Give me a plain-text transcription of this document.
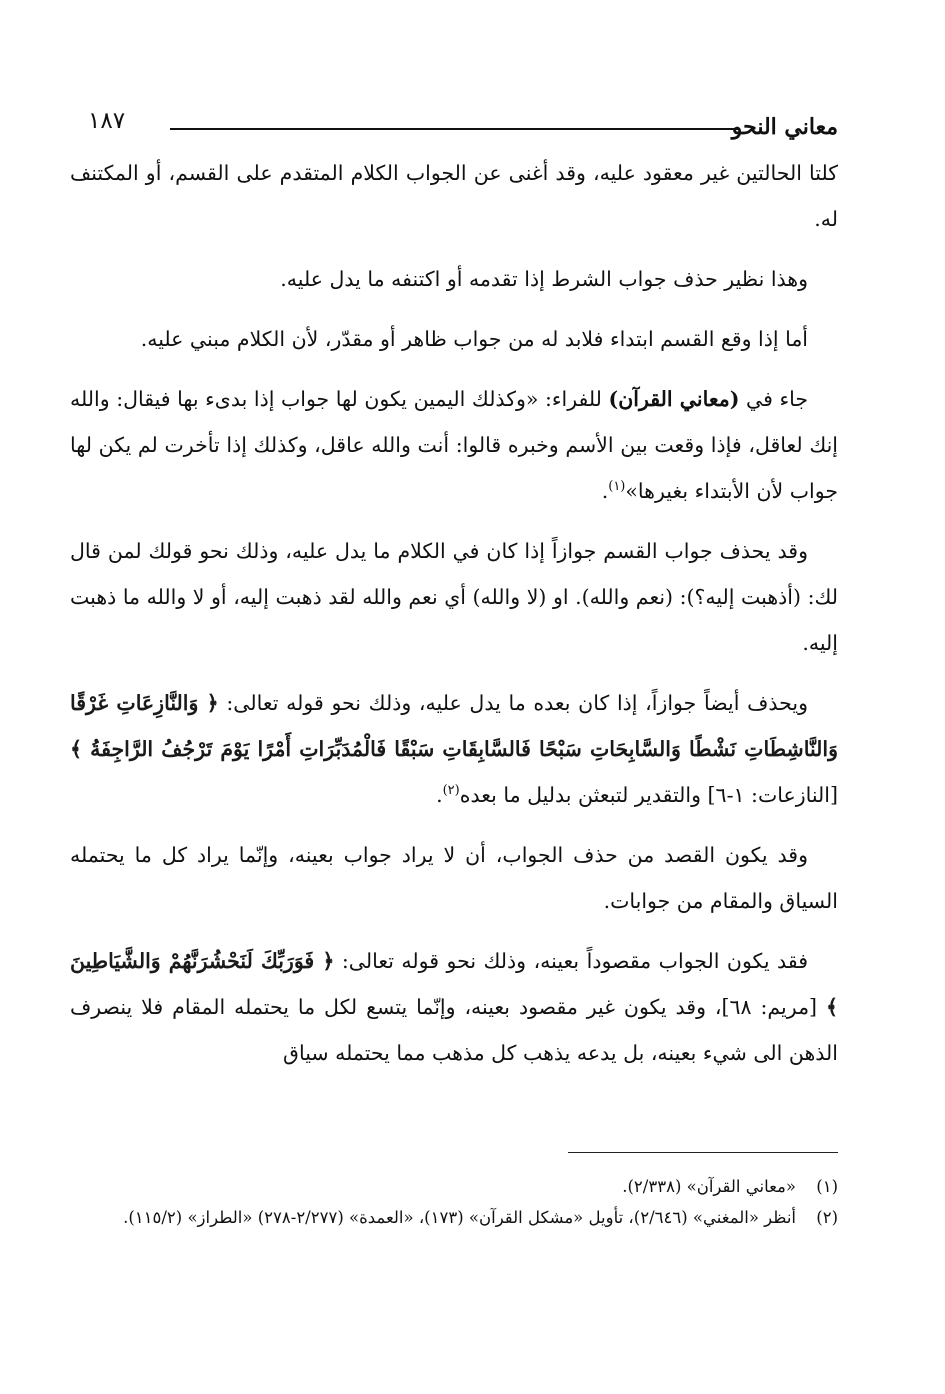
معاني النحو
١٨٧

كلتا الحالتين غير معقود عليه، وقد أغنى عن الجواب الكلام المتقدم على القسم، أو المكتنف له.

وهذا نظير حذف جواب الشرط إذا تقدمه أو اكتنفه ما يدل عليه.

أما إذا وقع القسم ابتداء فلابد له من جواب ظاهر أو مقدّر، لأن الكلام مبني عليه.

جاء في (معاني القرآن) للفراء: «وكذلك اليمين يكون لها جواب إذا بدىء بها فيقال: والله إنك لعاقل، فإذا وقعت بين الأسم وخبره قالوا: أنت والله عاقل، وكذلك إذا تأخرت لم يكن لها جواب لأن الأبتداء بغيرها»$^{(١)}$.

وقد يحذف جواب القسم جوازاً إذا كان في الكلام ما يدل عليه، وذلك نحو قولك لمن قال لك: (أذهبت إليه؟): (نعم والله). او (لا والله) أي نعم والله لقد ذهبت إليه، أو لا والله ما ذهبت إليه.

ويحذف أيضاً جوازاً، إذا كان بعده ما يدل عليه، وذلك نحو قوله تعالى: ﴿ وَالنَّازِعَاتِ غَرْقًا وَالنَّاشِطَاتِ نَشْطًا وَالسَّابِحَاتِ سَبْحًا فَالسَّابِقَاتِ سَبْقًا فَالْمُدَبِّرَاتِ أَمْرًا يَوْمَ تَرْجُفُ الرَّاجِفَةُ ﴾ [النازعات: ١-٦] والتقدير لتبعثن بدليل ما بعده$^{(٢)}$.

وقد يكون القصد من حذف الجواب، أن لا يراد جواب بعينه، وإنّما يراد كل ما يحتمله السياق والمقام من جوابات.

فقد يكون الجواب مقصوداً بعينه، وذلك نحو قوله تعالى: ﴿ فَوَرَبِّكَ لَنَحْشُرَنَّهُمْ وَالشَّيَاطِينَ ﴾ [مريم: ٦٨]، وقد يكون غير مقصود بعينه، وإنّما يتسع لكل ما يحتمله المقام فلا ينصرف الذهن الى شيء بعينه، بل يدعه يذهب كل مذهب مما يحتمله سياق

(١)
«معاني القرآن» (٢/٣٣٨).
(٢)
أنظر «المغني» (٢/٦٤٦)، تأويل «مشكل القرآن» (١٧٣)، «العمدة» (٢/٢٧٧-٢٧٨) «الطراز» (١١٥/٢).
